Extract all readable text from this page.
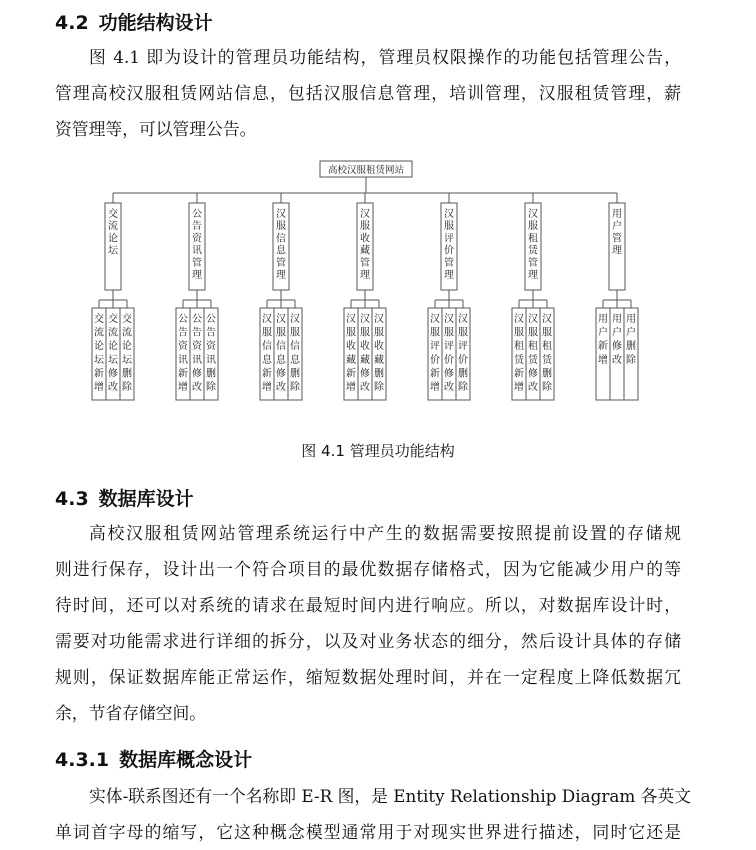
4.2 功能结构设计
图 4.1 即为设计的管理员功能结构，管理员权限操作的功能包括管理公告，
管理高校汉服租赁网站信息，包括汉服信息管理，培训管理，汉服租赁管理，薪
资管理等，可以管理公告。
高校汉服租赁网站
交流论坛
交流论坛新增
交流论坛修改
交流论坛删除
公告资讯管理
公告资讯新增
公告资讯修改
公告资讯删除
汉服信息管理
汉服信息新增
汉服信息修改
汉服信息删除
汉服收藏管理
汉服收藏新增
汉服收藏修改
汉服收藏删除
汉服评价管理
汉服评价新增
汉服评价修改
汉服评价删除
汉服租赁管理
汉服租赁新增
汉服租赁修改
汉服租赁删除
用户管理
用户新增
用户修改
用户删除
图 4.1 管理员功能结构
4.3 数据库设计
高校汉服租赁网站管理系统运行中产生的数据需要按照提前设置的存储规
则进行保存，设计出一个符合项目的最优数据存储格式，因为它能减少用户的等
待时间，还可以对系统的请求在最短时间内进行响应。所以，对数据库设计时，
需要对功能需求进行详细的拆分，以及对业务状态的细分，然后设计具体的存储
规则，保证数据库能正常运作，缩短数据处理时间，并在一定程度上降低数据冗
余，节省存储空间。
4.3.1 数据库概念设计
实体-联系图还有一个名称即 E-R 图，是 Entity Relationship Diagram 各英文
单词首字母的缩写，它这种概念模型通常用于对现实世界进行描述，同时它还是
